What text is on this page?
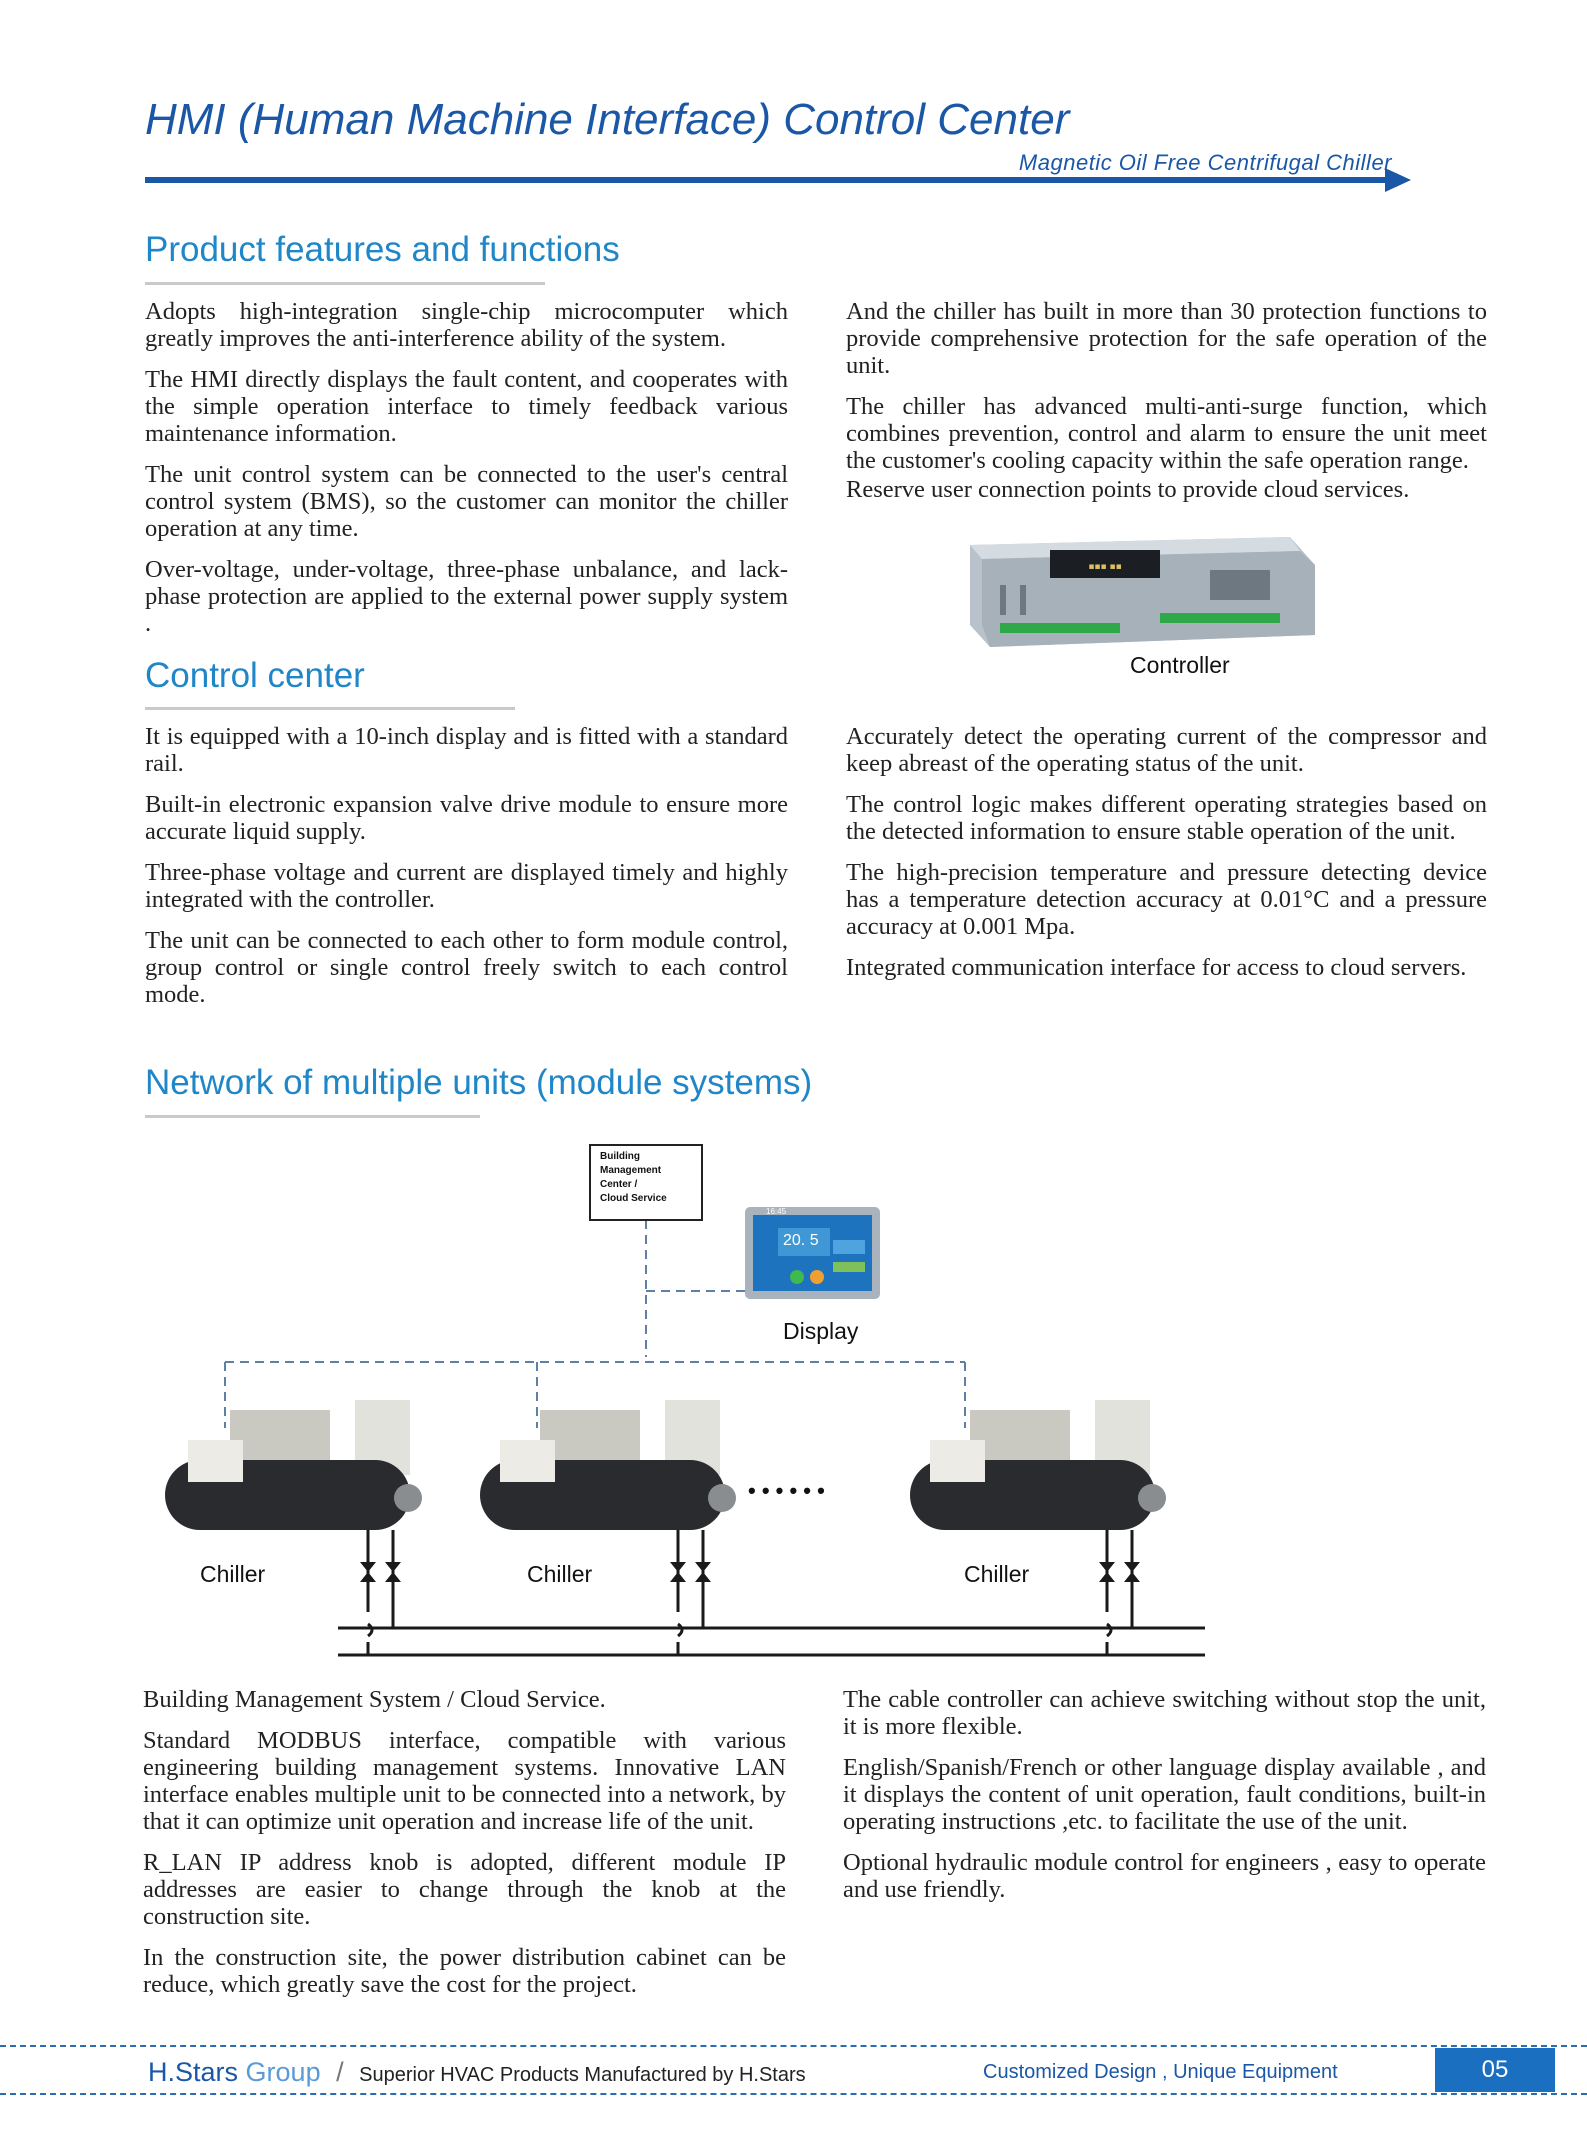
HMI (Human Machine Interface) Control Center
Magnetic Oil Free Centrifugal Chiller
Product features and functions

Adopts high-integration single-chip microcomputer which greatly improves the anti-interference ability of the system.

The HMI directly displays the fault content, and cooperates with the simple operation interface to timely feedback various maintenance information.

The unit control system can be connected to the user's central control system (BMS), so the customer can monitor the chiller operation at any time.

Over-voltage, under-voltage, three-phase unbalance, and lack-phase protection are applied to the external power supply system .

And the chiller has built in more than 30 protection functions to provide comprehensive protection for the safe operation of the unit.

The chiller has advanced multi-anti-surge function, which combines prevention, control and alarm to ensure the unit meet the customer's cooling capacity within the safe operation range.

Reserve user connection points to provide cloud services.

▪▪▪ ▪▪
Controller
Control center

It is equipped with a 10-inch display and is fitted with a standard rail.

Built-in electronic expansion valve drive module to ensure more accurate liquid supply.

Three-phase voltage and current are displayed timely and highly integrated with the controller.

The unit can be connected to each other to form module control, group control or single control freely switch to each control mode.

Accurately detect the operating current of the compressor and keep abreast of the operating status of the unit.

The control logic makes different operating strategies based on the detected information to ensure stable operation of the unit.

The high-precision temperature and pressure detecting device has a temperature detection accuracy at 0.01°C and a pressure accuracy at 0.001 Mpa.

Integrated communication interface for access to cloud servers.

Network of multiple units (module systems)
Building
Management
Center /
Cloud Service
16:45
20. 5
Display
• • • • • •
Chiller	Chiller	Chiller

Building Management System / Cloud Service.

Standard MODBUS interface, compatible with various engineering building management systems. Innovative LAN interface enables multiple unit to be connected into a network, by that it can optimize unit operation and increase life of the unit.

R_LAN IP address knob is adopted, different module IP addresses are easier to change through the knob at the construction site.

In the construction site, the power distribution cabinet can be reduce, which greatly save the cost for the project.

The cable controller can achieve switching without stop the unit, it is more flexible.

English/Spanish/French or other language display available , and it displays the content of unit operation, fault conditions, built-in operating instructions ,etc. to facilitate the use of the unit.

Optional hydraulic module control for engineers , easy to operate and use friendly.

H.Stars Group / Superior HVAC Products Manufactured by H.Stars	Customized Design , Unique Equipment	05
